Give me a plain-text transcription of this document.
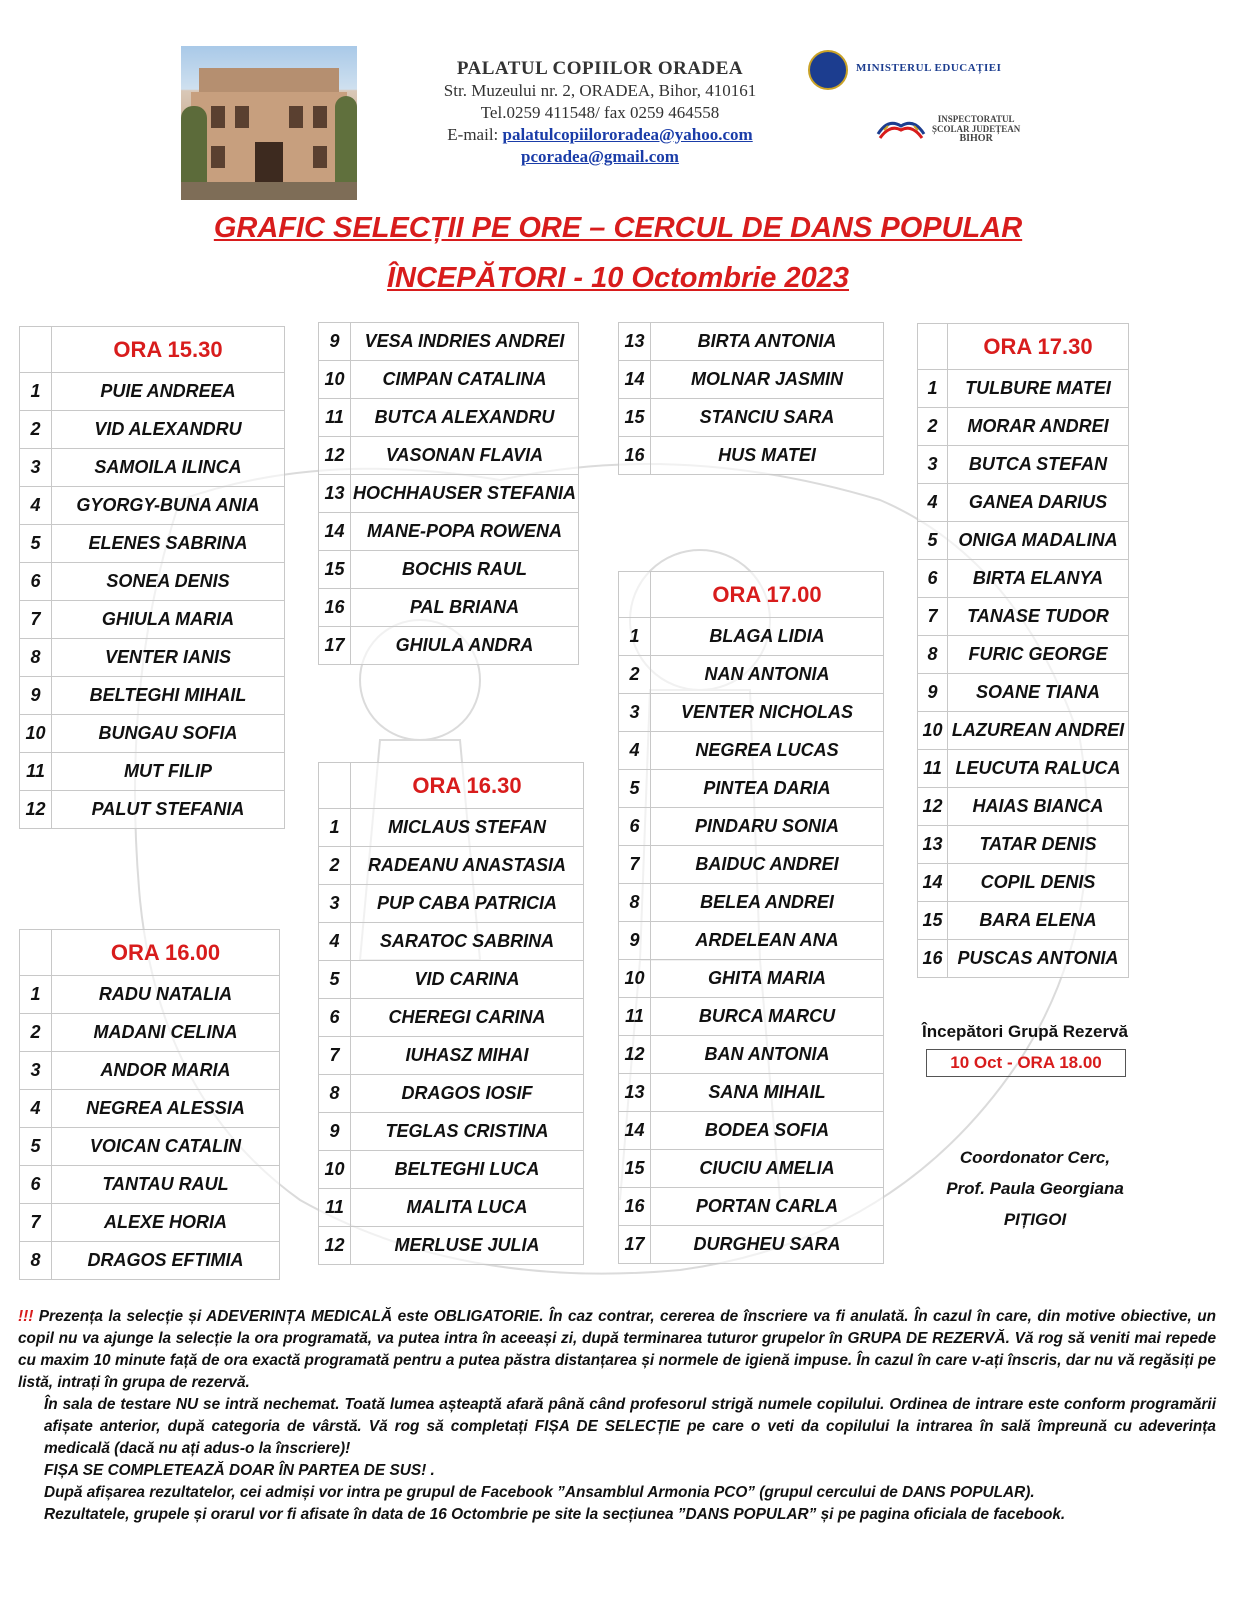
PALATUL COPIILOR ORADEA
Str. Muzeului nr. 2, ORADEA, Bihor, 410161
Tel.0259 411548/ fax 0259 464558
E-mail: palatulcopiilororadea@yahoo.com
pcoradea@gmail.com
MINISTERUL EDUCAȚIEI
INSPECTORATUL
ȘCOLAR JUDEȚEAN
BIHOR
GRAFIC SELECȚII PE ORE – CERCUL DE DANS POPULAR
ÎNCEPĂTORI - 10 Octombrie 2023
	ORA 15.30
1	PUIE ANDREEA
2	VID ALEXANDRU
3	SAMOILA ILINCA
4	GYORGY-BUNA ANIA
5	ELENES SABRINA
6	SONEA DENIS
7	GHIULA MARIA
8	VENTER IANIS
9	BELTEGHI MIHAIL
10	BUNGAU SOFIA
11	MUT FILIP
12	PALUT STEFANIA
9	VESA INDRIES ANDREI
10	CIMPAN CATALINA
11	BUTCA ALEXANDRU
12	VASONAN FLAVIA
13	HOCHHAUSER STEFANIA
14	MANE-POPA ROWENA
15	BOCHIS RAUL
16	PAL BRIANA
17	GHIULA ANDRA
	ORA 16.00
1	RADU NATALIA
2	MADANI CELINA
3	ANDOR MARIA
4	NEGREA ALESSIA
5	VOICAN CATALIN
6	TANTAU RAUL
7	ALEXE HORIA
8	DRAGOS EFTIMIA
	ORA 16.30
1	MICLAUS STEFAN
2	RADEANU ANASTASIA
3	PUP CABA PATRICIA
4	SARATOC SABRINA
5	VID CARINA
6	CHEREGI CARINA
7	IUHASZ MIHAI
8	DRAGOS IOSIF
9	TEGLAS CRISTINA
10	BELTEGHI LUCA
11	MALITA LUCA
12	MERLUSE JULIA
13	BIRTA ANTONIA
14	MOLNAR JASMIN
15	STANCIU SARA
16	HUS MATEI
	ORA 17.00
1	BLAGA LIDIA
2	NAN ANTONIA
3	VENTER NICHOLAS
4	NEGREA LUCAS
5	PINTEA DARIA
6	PINDARU SONIA
7	BAIDUC ANDREI
8	BELEA ANDREI
9	ARDELEAN ANA
10	GHITA MARIA
11	BURCA MARCU
12	BAN ANTONIA
13	SANA MIHAIL
14	BODEA SOFIA
15	CIUCIU AMELIA
16	PORTAN CARLA
17	DURGHEU SARA
	ORA 17.30
1	TULBURE MATEI
2	MORAR ANDREI
3	BUTCA STEFAN
4	GANEA DARIUS
5	ONIGA MADALINA
6	BIRTA ELANYA
7	TANASE TUDOR
8	FURIC GEORGE
9	SOANE TIANA
10	LAZUREAN ANDREI
11	LEUCUTA RALUCA
12	HAIAS BIANCA
13	TATAR DENIS
14	COPIL DENIS
15	BARA ELENA
16	PUSCAS ANTONIA
Începători Grupă Rezervă
10 Oct - ORA 18.00
Coordonator Cerc,
Prof. Paula Georgiana
PIȚIGOI

!!! Prezența la selecție și ADEVERINȚA MEDICALĂ este OBLIGATORIE. În caz contrar, cererea de înscriere va fi anulată. În cazul în care, din motive obiective, un copil nu va ajunge la selecție la ora programată, va putea intra în aceeași zi, după terminarea tuturor grupelor în GRUPA DE REZERVĂ. Vă rog să veniti mai repede cu maxim 10 minute față de ora exactă programată pentru a putea păstra distanțarea și normele de igienă impuse. În cazul în care v-ați înscris, dar nu vă regăsiți pe listă, intrați în grupa de rezervă.

În sala de testare NU se intră nechemat. Toată lumea așteaptă afară până când profesorul strigă numele copilului. Ordinea de intrare este conform programării afișate anterior, după categoria de vârstă. Vă rog să completați FIȘA DE SELECȚIE pe care o veti da copilului la intrarea în sală împreună cu adeverința medicală (dacă nu ați adus-o la înscriere)!

FIȘA SE COMPLETEAZĂ DOAR ÎN PARTEA DE SUS! .

După afișarea rezultatelor, cei admiși vor intra pe grupul de Facebook ”Ansamblul Armonia PCO” (grupul cercului de DANS POPULAR).

Rezultatele, grupele și orarul vor fi afisate în data de 16 Octombrie pe site la secțiunea ”DANS POPULAR” și pe pagina oficiala de facebook.
